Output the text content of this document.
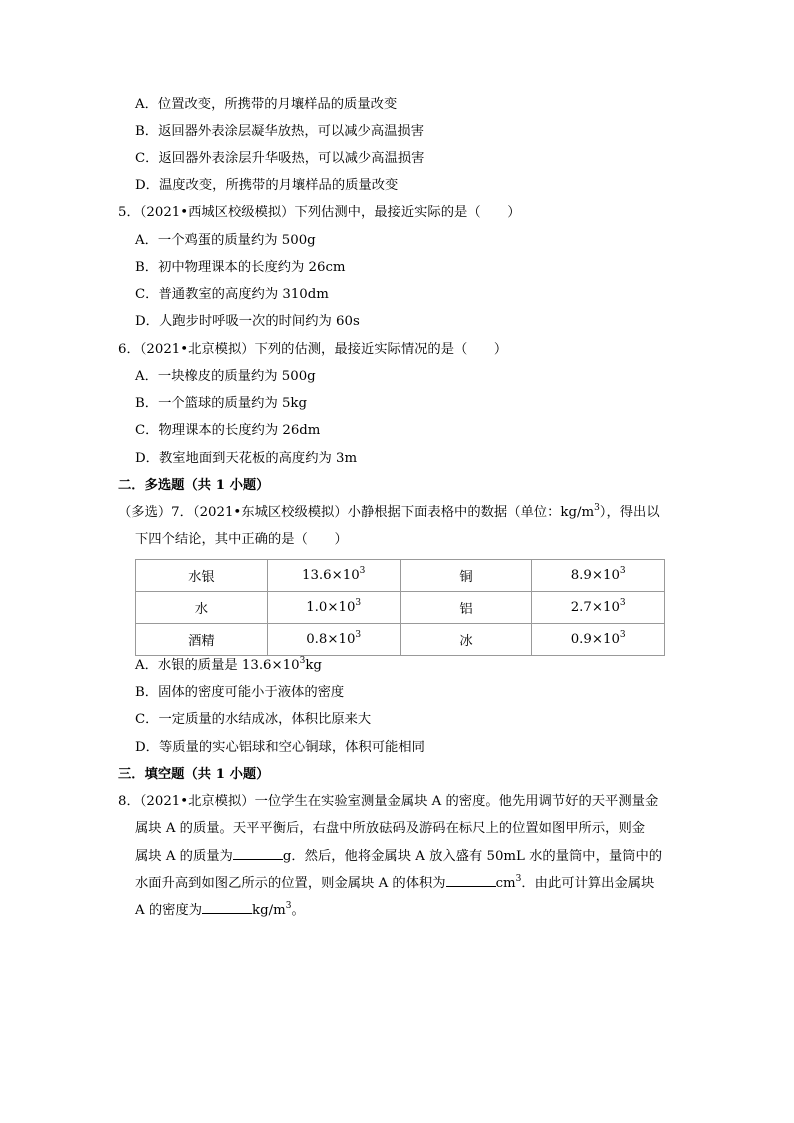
A．位置改变，所携带的月壤样品的质量改变
B．返回器外表涂层凝华放热，可以减少高温损害
C．返回器外表涂层升华吸热，可以减少高温损害
D．温度改变，所携带的月壤样品的质量改变
5．（2021•西城区校级模拟）下列估测中，最接近实际的是（　　）
A．一个鸡蛋的质量约为 500g
B．初中物理课本的长度约为 26cm
C．普通教室的高度约为 310dm
D．人跑步时呼吸一次的时间约为 60s
6．（2021•北京模拟）下列的估测，最接近实际情况的是（　　）
A．一块橡皮的质量约为 500g
B．一个篮球的质量约为 5kg
C．物理课本的长度约为 26dm
D．教室地面到天花板的高度约为 3m
二．多选题（共 1 小题）
（多选）7．（2021•东城区校级模拟）小静根据下面表格中的数据（单位：$kg/m^3$），得出以
下四个结论，其中正确的是（　　）
水银	$13.6\times 10^3$	铜	$8.9\times 10^3$
水	$1.0\times 10^3$	铝	$2.7\times 10^3$
酒精	$0.8\times 10^3$	冰	$0.9\times 10^3$
A．水银的质量是 $13.6\times 10^3kg$
B．固体的密度可能小于液体的密度
C．一定质量的水结成冰，体积比原来大
D．等质量的实心铝球和空心铜球，体积可能相同
三．填空题（共 1 小题）
8．（2021•北京模拟）一位学生在实验室测量金属块 A 的密度。他先用调节好的天平测量金
属块 A 的质量。天平平衡后，右盘中所放砝码及游码在标尺上的位置如图甲所示，则金
属块 A 的质量为	g．然后，他将金属块 A 放入盛有 50mL 水的量筒中，量筒中的
水面升高到如图乙所示的位置，则金属块 A 的体积为	$cm^3$．由此可计算出金属块
A 的密度为	$kg/m^3$。
